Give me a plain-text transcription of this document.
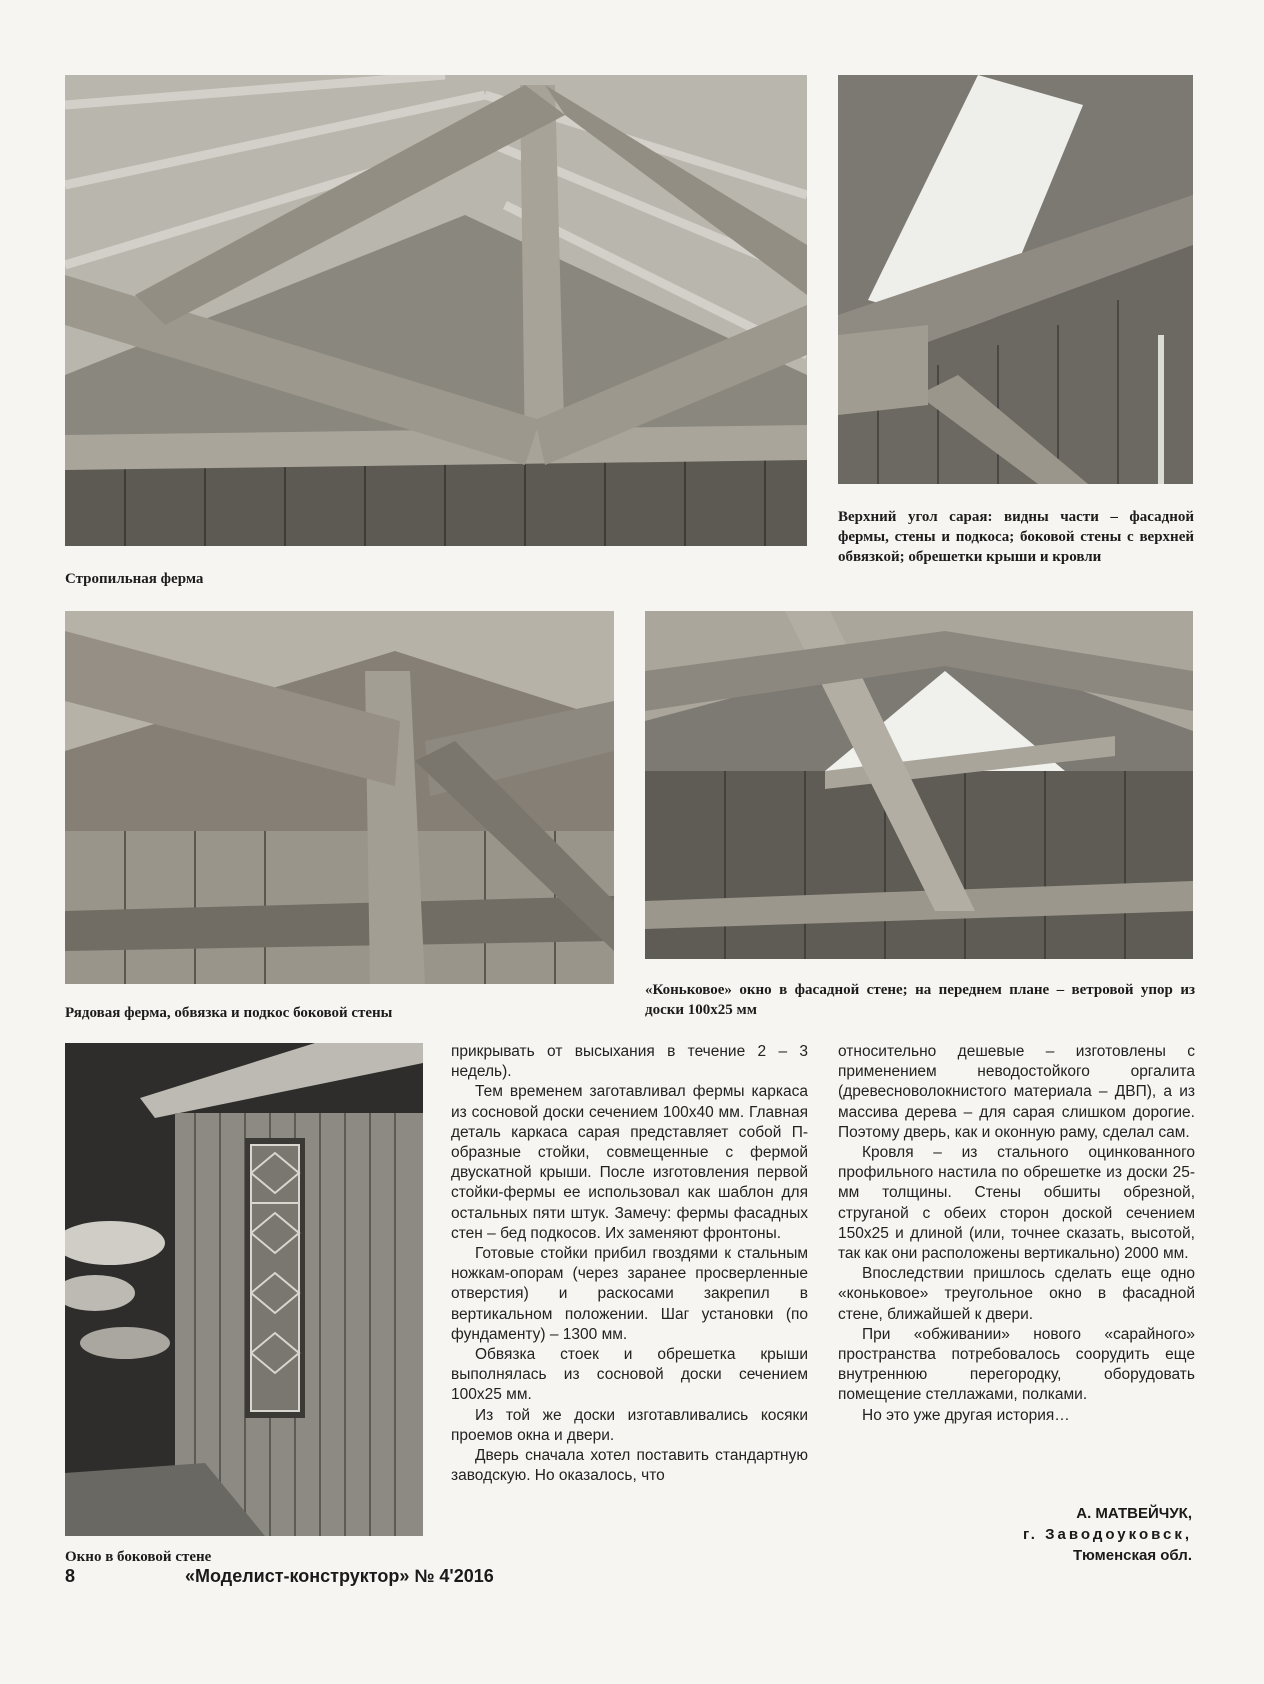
Стропильная ферма
Верхний угол сарая: видны части – фасадной фермы, стены и подкоса; боковой стены с верхней обвязкой; обрешетки крыши и кровли
Рядовая ферма, обвязка и подкос боковой стены
«Коньковое» окно в фасадной стене; на переднем плане – ветровой упор из доски 100х25 мм
Окно в боковой стене

прикрывать от высыхания в течение 2 – 3 недель).

Тем временем заготавливал фермы каркаса из сосновой доски сечением 100х40 мм. Главная деталь каркаса сарая представляет собой П-образные стойки, совмещенные с фермой двускатной крыши. После изготовления первой стойки-фермы ее использовал как шаблон для остальных пяти штук. Замечу: фермы фасадных стен – бед подкосов. Их заменяют фронтоны.

Готовые стойки прибил гвоздями к стальным ножкам-опорам (через заранее просверленные отверстия) и раскосами закрепил в вертикальном положении. Шаг установки (по фундаменту) – 1300 мм.

Обвязка стоек и обрешетка крыши выполнялась из сосновой доски сечением 100х25 мм.

Из той же доски изготавливались косяки проемов окна и двери.

Дверь сначала хотел поставить стандартную заводскую. Но оказалось, что

относительно дешевые – изготовлены с применением неводостойкого оргалита (древесноволокнистого материала – ДВП), а из массива дерева – для сарая слишком дорогие. Поэтому дверь, как и оконную раму, сделал сам.

Кровля – из стального оцинкованного профильного настила по обрешетке из доски 25-мм толщины. Стены обшиты обрезной, струганой с обеих сторон доской сечением 150х25 и длиной (или, точнее сказать, высотой, так как они расположены вертикально) 2000 мм.

Впоследствии пришлось сделать еще одно «коньковое» треугольное окно в фасадной стене, ближайшей к двери.

При «обживании» нового «сарайного» пространства потребовалось соорудить еще внутреннюю перегородку, оборудовать помещение стеллажами, полками.

Но это уже другая история…

А. МАТВЕЙЧУК,
г. Заводоуковск,
Тюменская обл.
8	«Моделист-конструктор» № 4'2016
